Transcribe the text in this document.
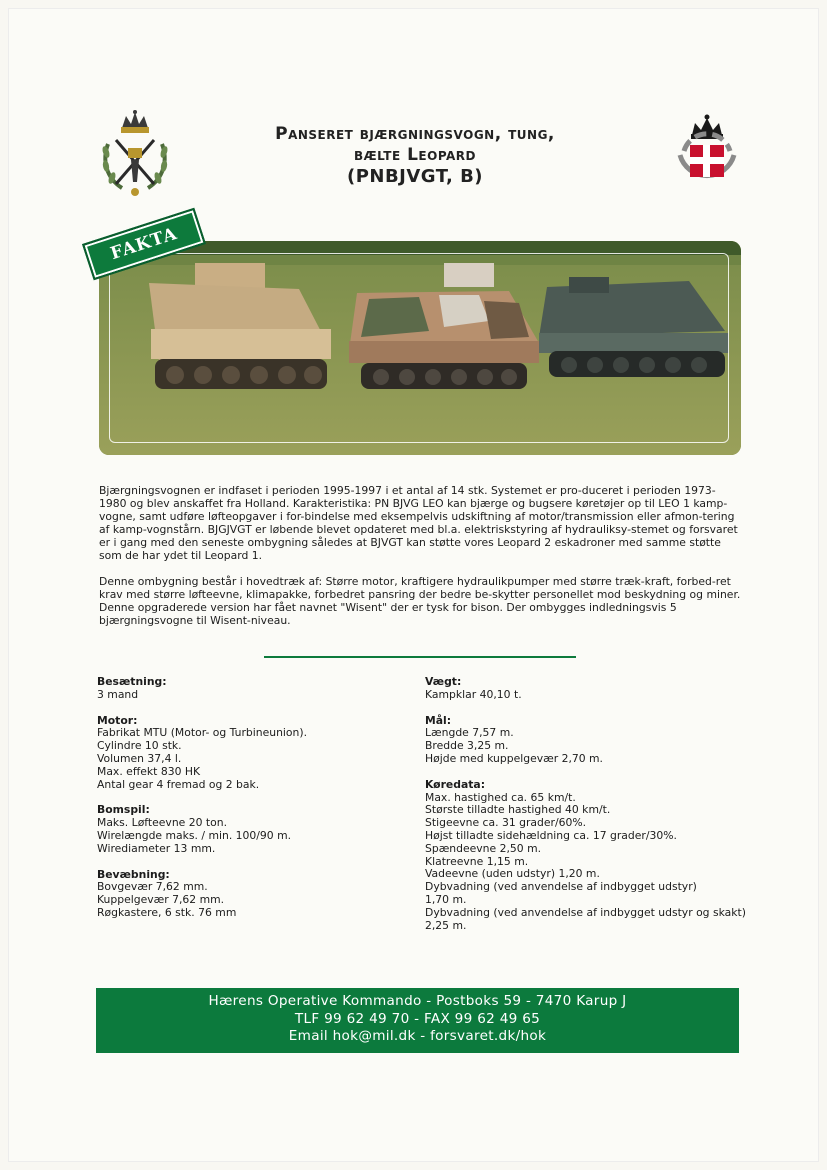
Panseret bjærgningsvogn, tung,
bælte Leopard
(PNBJVGT, B)
FAKTA

Bjærgningsvognen er indfaset i perioden 1995-1997 i et antal af 14 stk. Systemet er pro-duceret i perioden 1973-1980 og blev anskaffet fra Holland. Karakteristika: PN BJVG LEO kan bjærge og bugsere køretøjer op til LEO 1 kamp-vogne, samt udføre løfteopgaver i for-bindelse med eksempelvis udskiftning af motor/transmission eller afmon-tering af kamp-vognstårn. BJGJVGT er løbende blevet opdateret med bl.a. elektriskstyring af hydrauliksy-stemet og forsvaret er i gang med den seneste ombygning således at BJVGT kan støtte vores Leopard 2 eskadroner med samme støtte som de har ydet til Leopard 1.

Denne ombygning består i hovedtræk af: Større motor, kraftigere hydraulikpumper med større træk-kraft, forbed-ret krav med større løfteevne, klimapakke, forbedret pansring der bedre be-skytter personellet mod beskydning og miner. Denne opgraderede version har fået navnet "Wisent" der er tysk for bison. Der ombygges indledningsvis 5 bjærgningsvogne til Wisent-niveau.

Besætning:
3 mand
Motor:
Fabrikat MTU (Motor- og Turbineunion).
Cylindre 10 stk.
Volumen 37,4 l.
Max. effekt 830 HK
Antal gear 4 fremad og 2 bak.
Bomspil:
Maks. Løfteevne 20 ton.
Wirelængde maks. / min. 100/90 m.
Wirediameter 13 mm.
Bevæbning:
Bovgevær 7,62 mm.
Kuppelgevær 7,62 mm.
Røgkastere, 6 stk. 76 mm
Vægt:
Kampklar 40,10 t.
Mål:
Længde 7,57 m.
Bredde 3,25 m.
Højde med kuppelgevær 2,70 m.
Køredata:
Max. hastighed ca. 65 km/t.
Største tilladte hastighed 40 km/t.
Stigeevne ca. 31 grader/60%.
Højst tilladte sidehældning ca. 17 grader/30%.
Spændeevne 2,50 m.
Klatreevne 1,15 m.
Vadeevne (uden udstyr) 1,20 m.
Dybvadning (ved anvendelse af indbygget udstyr)
1,70 m.
Dybvadning (ved anvendelse af indbygget udstyr og skakt)
2,25 m.
Hærens Operative Kommando - Postboks 59 - 7470 Karup J
TLF 99 62 49 70 - FAX 99 62 49 65
Email hok@mil.dk - forsvaret.dk/hok
